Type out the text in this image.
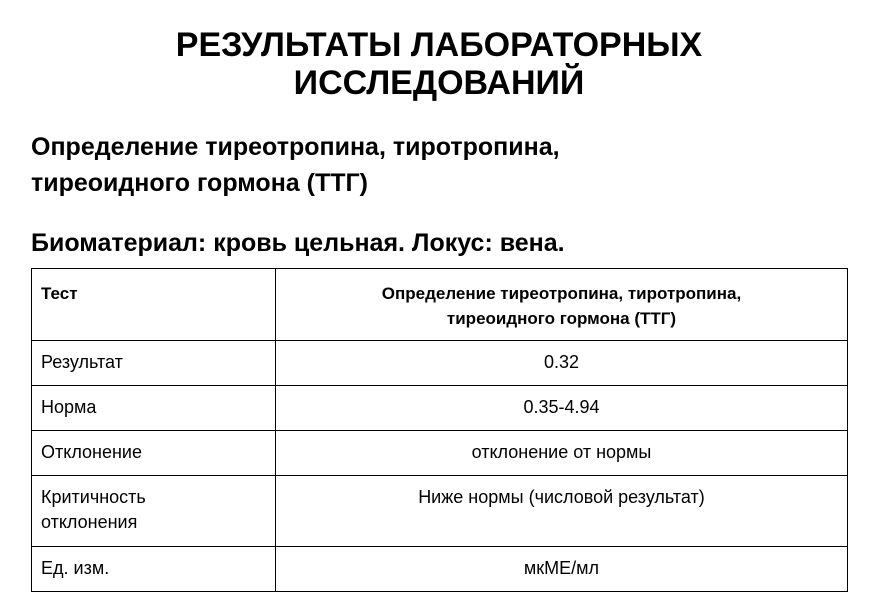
РЕЗУЛЬТАТЫ ЛАБОРАТОРНЫХ
ИССЛЕДОВАНИЙ
Определение тиреотропина, тиротропина,
тиреоидного гормона (ТТГ)
Биоматериал: кровь цельная. Локус: вена.
Тест	Определение тиреотропина, тиротропина,
тиреоидного гормона (ТТГ)

Результат	0.32
Норма	0.35-4.94
Отклонение	отклонение от нормы

Критичность
отклонения	Ниже нормы (числовой результат)
Ед. изм.	мкМЕ/мл
